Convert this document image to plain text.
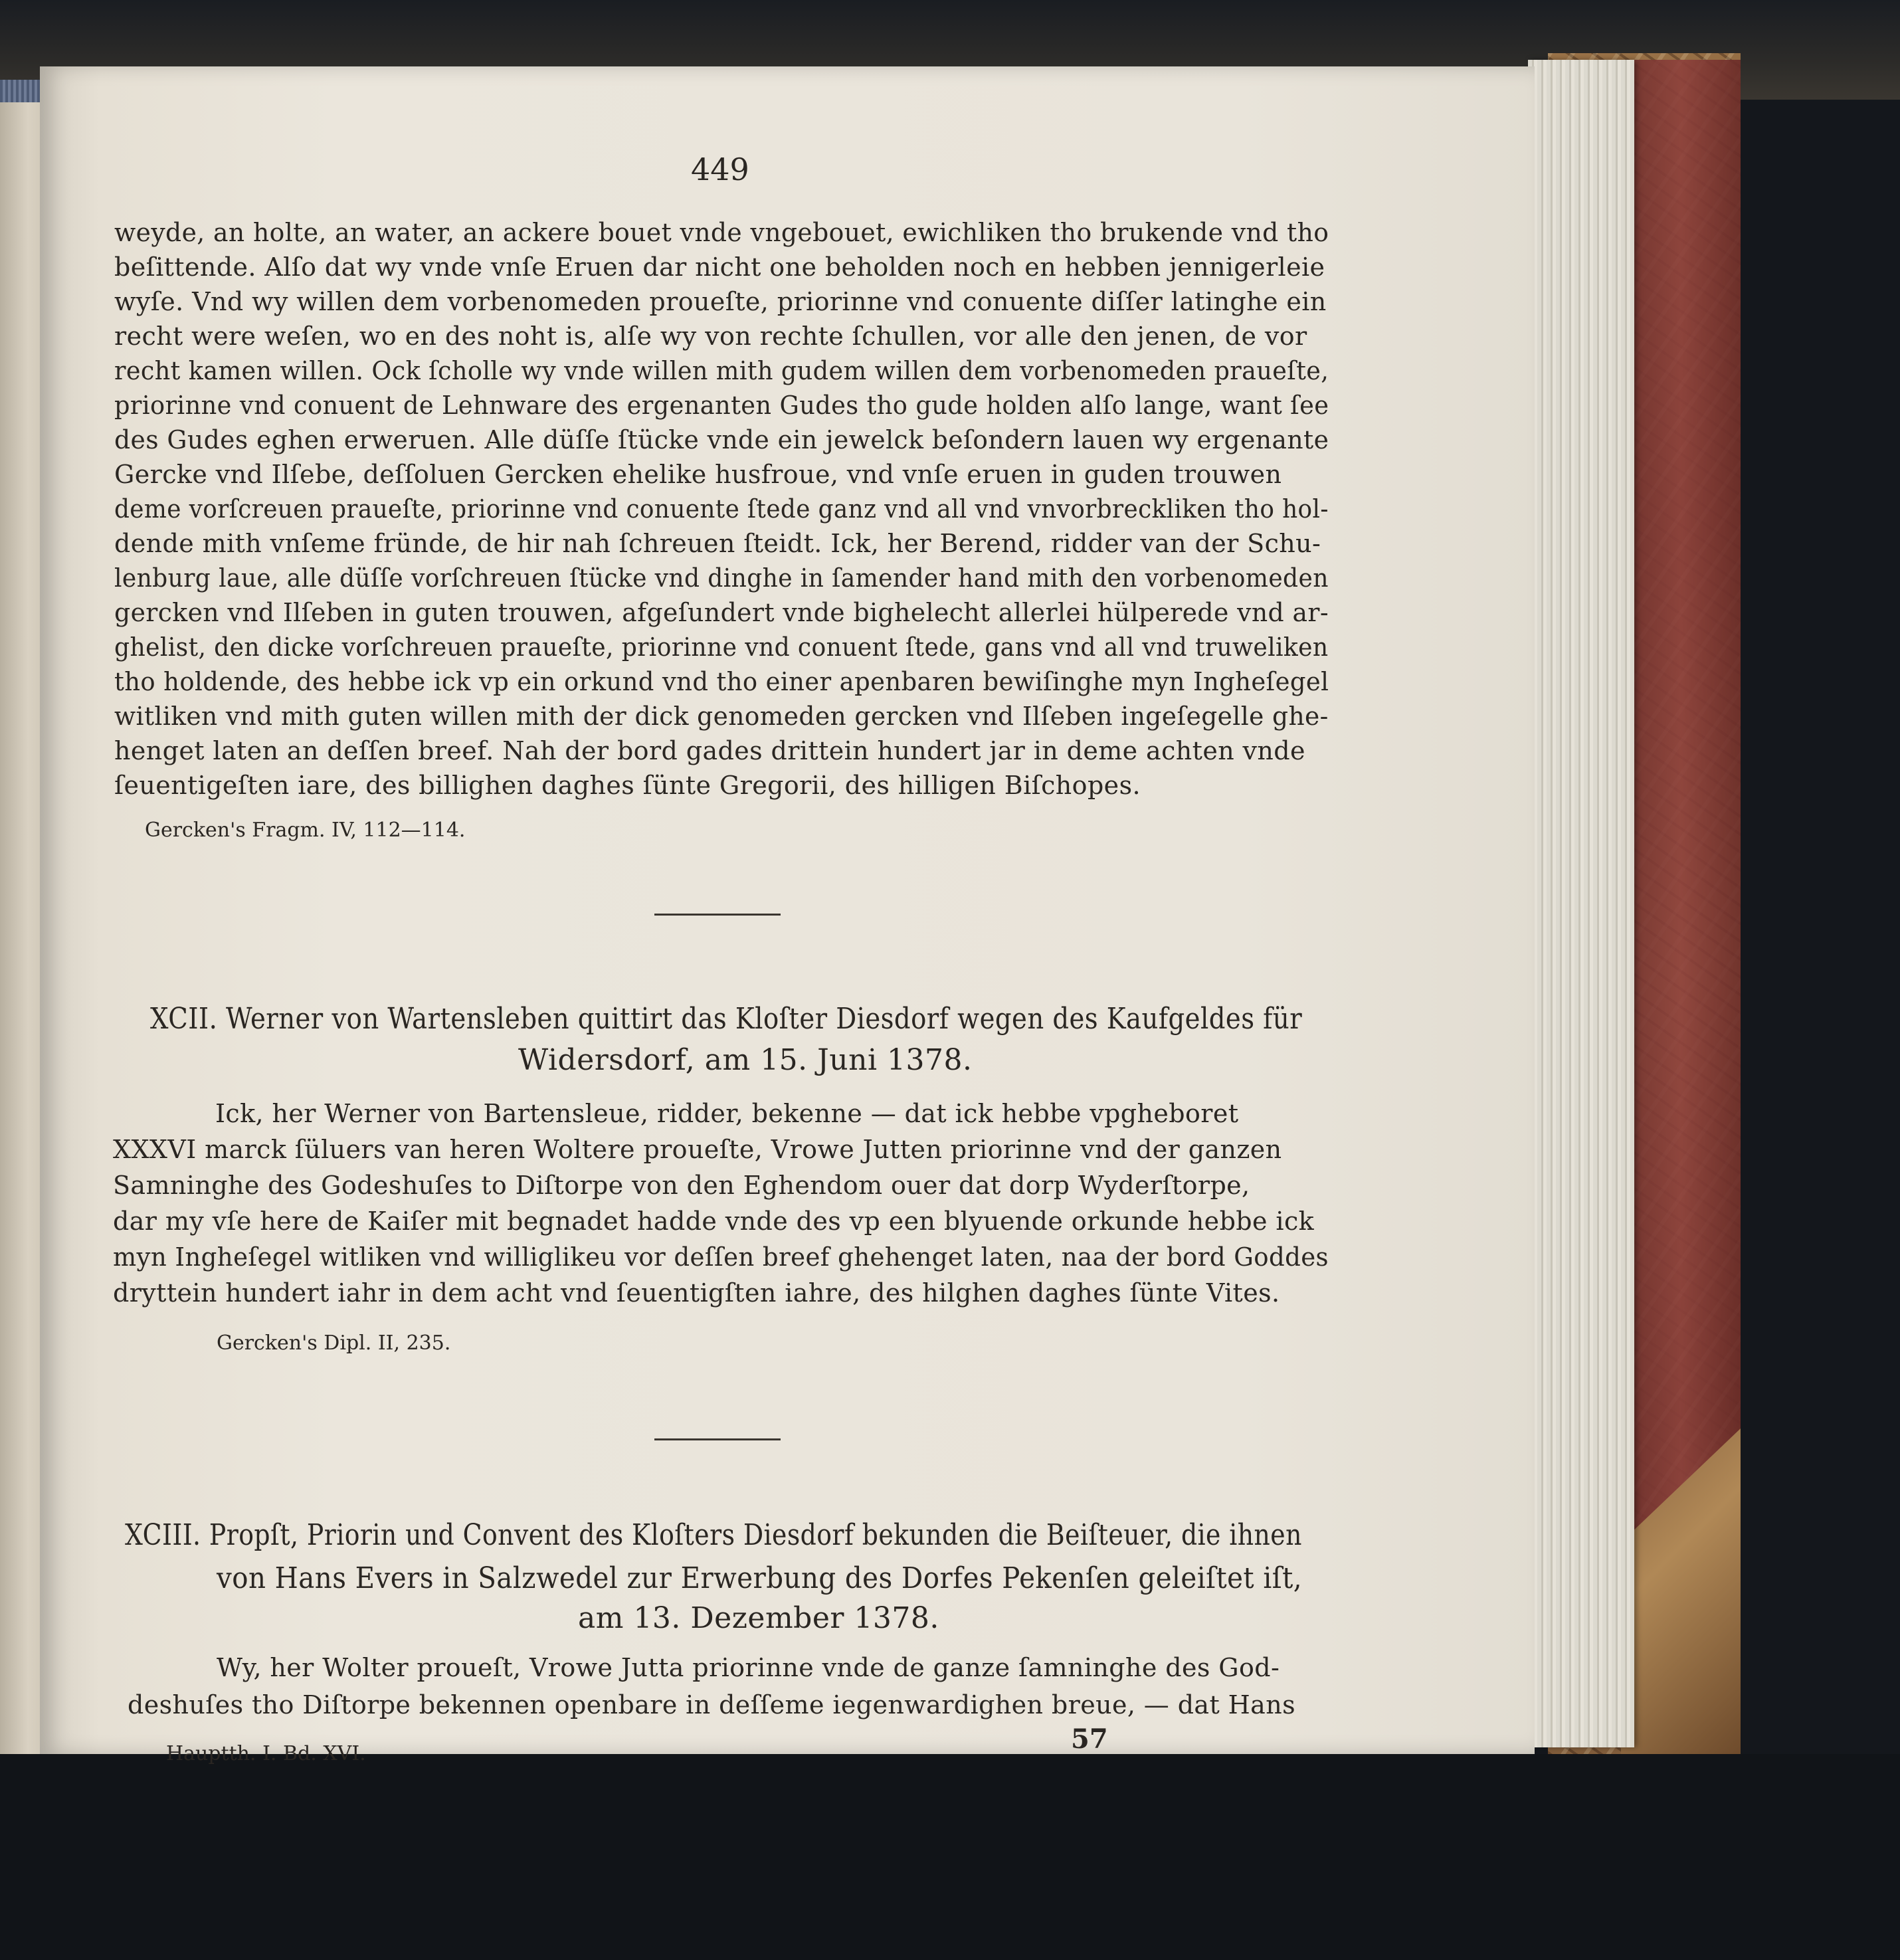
449
weyde, an holte, an water, an ackere bouet vnde vngebouet, ewichliken tho brukende vnd tho
beſittende. Alſo dat wy vnde vnſe Eruen dar nicht one beholden noch en hebben jennigerleie
wyſe. Vnd wy willen dem vorbenomeden proueſte, priorinne vnd conuente diſſer latinghe ein
recht were weſen, wo en des noht is, alſe wy von rechte ſchullen, vor alle den jenen, de vor
recht kamen willen. Ock ſcholle wy vnde willen mith gudem willen dem vorbenomeden praueſte,
priorinne vnd conuent de Lehnware des ergenanten Gudes tho gude holden alſo lange, want ſee
des Gudes eghen erweruen. Alle düſſe ſtücke vnde ein jewelck beſondern lauen wy ergenante
Gercke vnd Ilſebe, deſſoluen Gercken ehelike husfroue, vnd vnſe eruen in guden trouwen
deme vorſcreuen praueſte, priorinne vnd conuente ſtede ganz vnd all vnd vnvorbreckliken tho hol-
dende mith vnſeme fründe, de hir nah ſchreuen ſteidt. Ick, her Berend, ridder van der Schu-
lenburg laue, alle düſſe vorſchreuen ſtücke vnd dinghe in ſamender hand mith den vorbenomeden
gercken vnd Ilſeben in guten trouwen, afgeſundert vnde bighelecht allerlei hülperede vnd ar-
ghelist, den dicke vorſchreuen praueſte, priorinne vnd conuent ſtede, gans vnd all vnd truweliken
tho holdende, des hebbe ick vp ein orkund vnd tho einer apenbaren bewiſinghe myn Ingheſegel
witliken vnd mith guten willen mith der dick genomeden gercken vnd Ilſeben ingeſegelle ghe-
henget laten an deſſen breef. Nah der bord gades drittein hundert jar in deme achten vnde
ſeuentigeſten iare, des billighen daghes ſünte Gregorii, des hilligen Biſchopes.
Gercken's Fragm. IV, 112—114.
XCII. Werner von Wartensleben quittirt das Kloſter Diesdorf wegen des Kaufgeldes für
Widersdorf, am 15. Juni 1378.
Ick, her Werner von Bartensleue, ridder, bekenne — dat ick hebbe vpgheboret
XXXVI marck ſüluers van heren Woltere proueſte, Vrowe Jutten priorinne vnd der ganzen
Samninghe des Godeshuſes to Diſtorpe von den Eghendom ouer dat dorp Wyderſtorpe,
dar my vſe here de Kaiſer mit begnadet hadde vnde des vp een blyuende orkunde hebbe ick
myn Ingheſegel witliken vnd williglikeu vor deſſen breef ghehenget laten, naa der bord Goddes
dryttein hundert iahr in dem acht vnd ſeuentigſten iahre, des hilghen daghes ſünte Vites.
Gercken's Dipl. II, 235.
XCIII. Propſt, Priorin und Convent des Kloſters Diesdorf bekunden die Beiſteuer, die ihnen
von Hans Evers in Salzwedel zur Erwerbung des Dorfes Pekenſen geleiſtet iſt,
am 13. Dezember 1378.
Wy, her Wolter proueſt, Vrowe Jutta priorinne vnde de ganze ſamninghe des God-
deshuſes tho Diſtorpe bekennen openbare in deſſeme iegenwardighen breue, — dat Hans
Hauptth. I. Bd. XVI.	57
